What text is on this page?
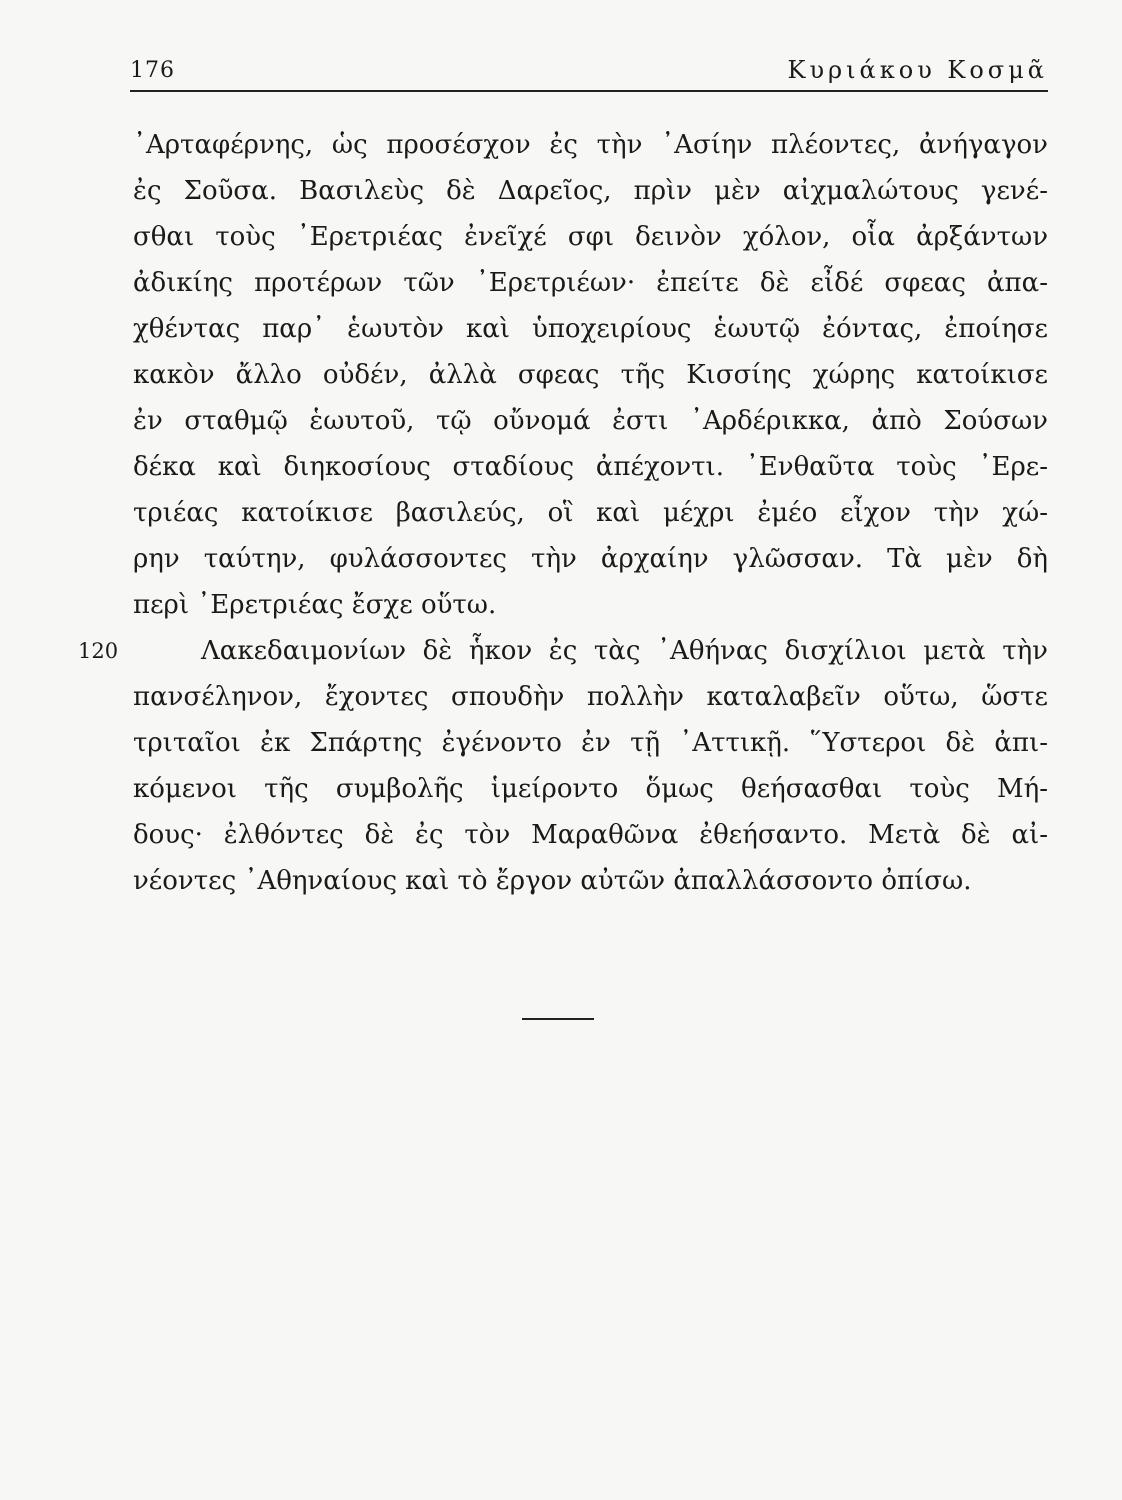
176	Κυριάκου Κοσμᾶ
᾿Αρταφέρνης, ὡς προσέσχον ἐς τὴν ᾿Ασίην πλέοντες, ἀνήγαγον
ἐς Σοῦσα. Βασιλεὺς δὲ Δαρεῖος, πρὶν μὲν αἰχμαλώτους γενέ-
σθαι τοὺς ᾿Ερετριέας ἐνεῖχέ σφι δεινὸν χόλον, οἷα ἀρξάντων
ἀδικίης προτέρων τῶν ᾿Ερετριέων· ἐπείτε δὲ εἶδέ σφεας ἀπα-
χθέντας παρ᾿ ἑωυτὸν καὶ ὑποχειρίους ἑωυτῷ ἐόντας, ἐποίησε
κακὸν ἄλλο οὐδέν, ἀλλὰ σφεας τῆς Κισσίης χώρης κατοίκισε
ἐν σταθμῷ ἑωυτοῦ, τῷ οὔνομά ἐστι ᾿Αρδέρικκα, ἀπὸ Σούσων
δέκα καὶ διηκοσίους σταδίους ἀπέχοντι. ᾿Ενθαῦτα τοὺς ᾿Ερε-
τριέας κατοίκισε βασιλεύς, οἳ καὶ μέχρι ἐμέο εἶχον τὴν χώ-
ρην ταύτην, φυλάσσοντες τὴν ἀρχαίην γλῶσσαν. Τὰ μὲν δὴ
περὶ ᾿Ερετριέας ἔσχε οὕτω.
120	Λακεδαιμονίων δὲ ἧκον ἐς τὰς ᾿Αθήνας δισχίλιοι μετὰ τὴν
πανσέληνον, ἔχοντες σπουδὴν πολλὴν καταλαβεῖν οὕτω, ὥστε
τριταῖοι ἐκ Σπάρτης ἐγένοντο ἐν τῇ ᾿Αττικῇ. ῞Υστεροι δὲ ἀπι-
κόμενοι τῆς συμβολῆς ἱμείροντο ὅμως θεήσασθαι τοὺς Μή-
δους· ἐλθόντες δὲ ἐς τὸν Μαραθῶνα ἐθεήσαντο. Μετὰ δὲ αἰ-
νέοντες ᾿Αθηναίους καὶ τὸ ἔργον αὐτῶν ἀπαλλάσσοντο ὀπίσω.
